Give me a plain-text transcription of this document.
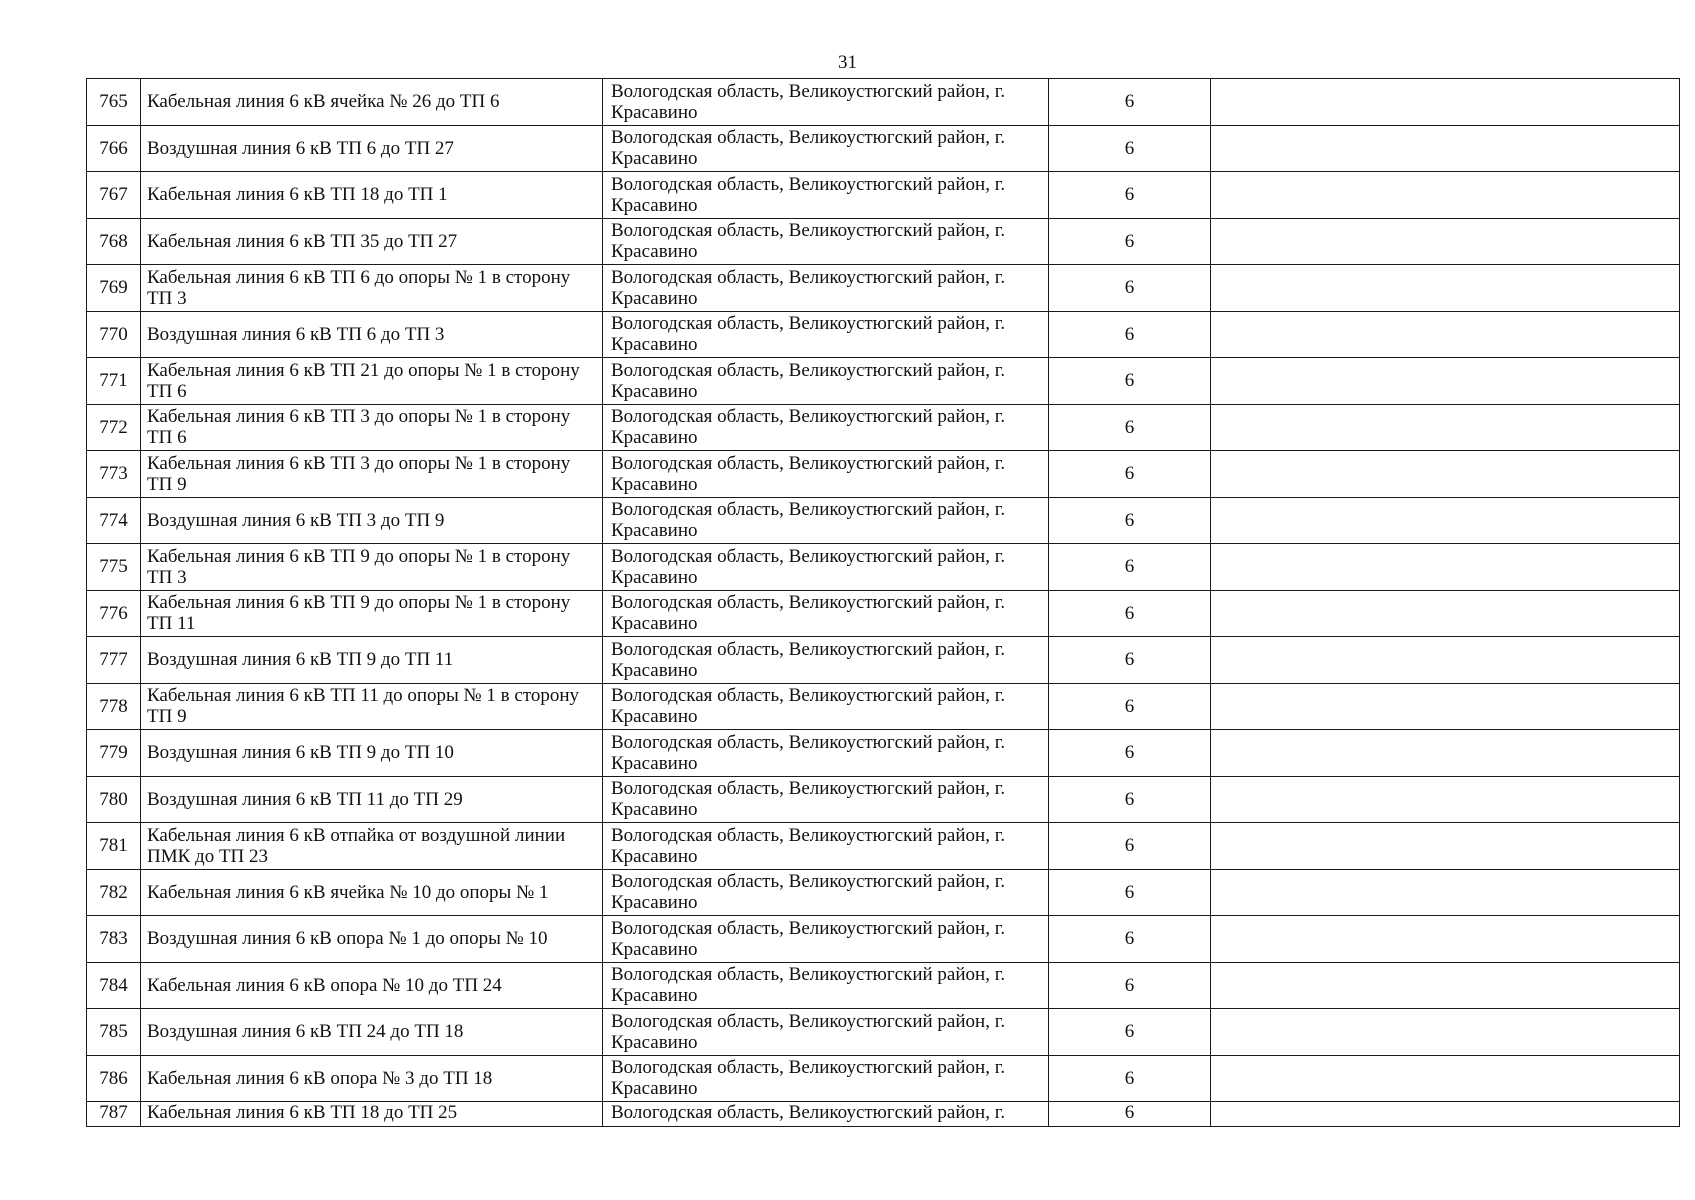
31
765	Кабельная линия 6 кВ ячейка № 26 до ТП 6	Вологодская область, Великоустюгский район, г. Красавино	6	
766	Воздушная линия 6 кВ ТП 6 до ТП 27	Вологодская область, Великоустюгский район, г. Красавино	6	
767	Кабельная линия 6 кВ ТП 18 до ТП 1	Вологодская область, Великоустюгский район, г. Красавино	6	
768	Кабельная линия 6 кВ ТП 35 до ТП 27	Вологодская область, Великоустюгский район, г. Красавино	6	
769	Кабельная линия 6 кВ ТП 6 до опоры № 1 в сторону ТП 3	Вологодская область, Великоустюгский район, г. Красавино	6	
770	Воздушная линия 6 кВ ТП 6 до ТП 3	Вологодская область, Великоустюгский район, г. Красавино	6	
771	Кабельная линия 6 кВ ТП 21 до опоры № 1 в сторону ТП 6	Вологодская область, Великоустюгский район, г. Красавино	6	
772	Кабельная линия 6 кВ ТП 3 до опоры № 1 в сторону ТП 6	Вологодская область, Великоустюгский район, г. Красавино	6	
773	Кабельная линия 6 кВ ТП 3 до опоры № 1 в сторону ТП 9	Вологодская область, Великоустюгский район, г. Красавино	6	
774	Воздушная линия 6 кВ ТП 3 до ТП 9	Вологодская область, Великоустюгский район, г. Красавино	6	
775	Кабельная линия 6 кВ ТП 9 до опоры № 1 в сторону ТП 3	Вологодская область, Великоустюгский район, г. Красавино	6	
776	Кабельная линия 6 кВ ТП 9 до опоры № 1 в сторону ТП 11	Вологодская область, Великоустюгский район, г. Красавино	6	
777	Воздушная линия 6 кВ ТП 9 до ТП 11	Вологодская область, Великоустюгский район, г. Красавино	6	
778	Кабельная линия 6 кВ ТП 11 до опоры № 1 в сторону ТП 9	Вологодская область, Великоустюгский район, г. Красавино	6	
779	Воздушная линия 6 кВ ТП 9 до ТП 10	Вологодская область, Великоустюгский район, г. Красавино	6	
780	Воздушная линия 6 кВ ТП 11 до ТП 29	Вологодская область, Великоустюгский район, г. Красавино	6	
781	Кабельная линия 6 кВ отпайка от воздушной линии ПМК до ТП 23	Вологодская область, Великоустюгский район, г. Красавино	6	
782	Кабельная линия 6 кВ ячейка № 10 до опоры № 1	Вологодская область, Великоустюгский район, г. Красавино	6	
783	Воздушная линия 6 кВ опора № 1 до опоры № 10	Вологодская область, Великоустюгский район, г. Красавино	6	
784	Кабельная линия 6 кВ опора № 10 до ТП 24	Вологодская область, Великоустюгский район, г. Красавино	6	
785	Воздушная линия 6 кВ ТП 24 до ТП 18	Вологодская область, Великоустюгский район, г. Красавино	6	
786	Кабельная линия 6 кВ опора № 3 до ТП 18	Вологодская область, Великоустюгский район, г. Красавино	6	
787	Кабельная линия 6 кВ ТП 18 до ТП 25	Вологодская область, Великоустюгский район, г.	6	
